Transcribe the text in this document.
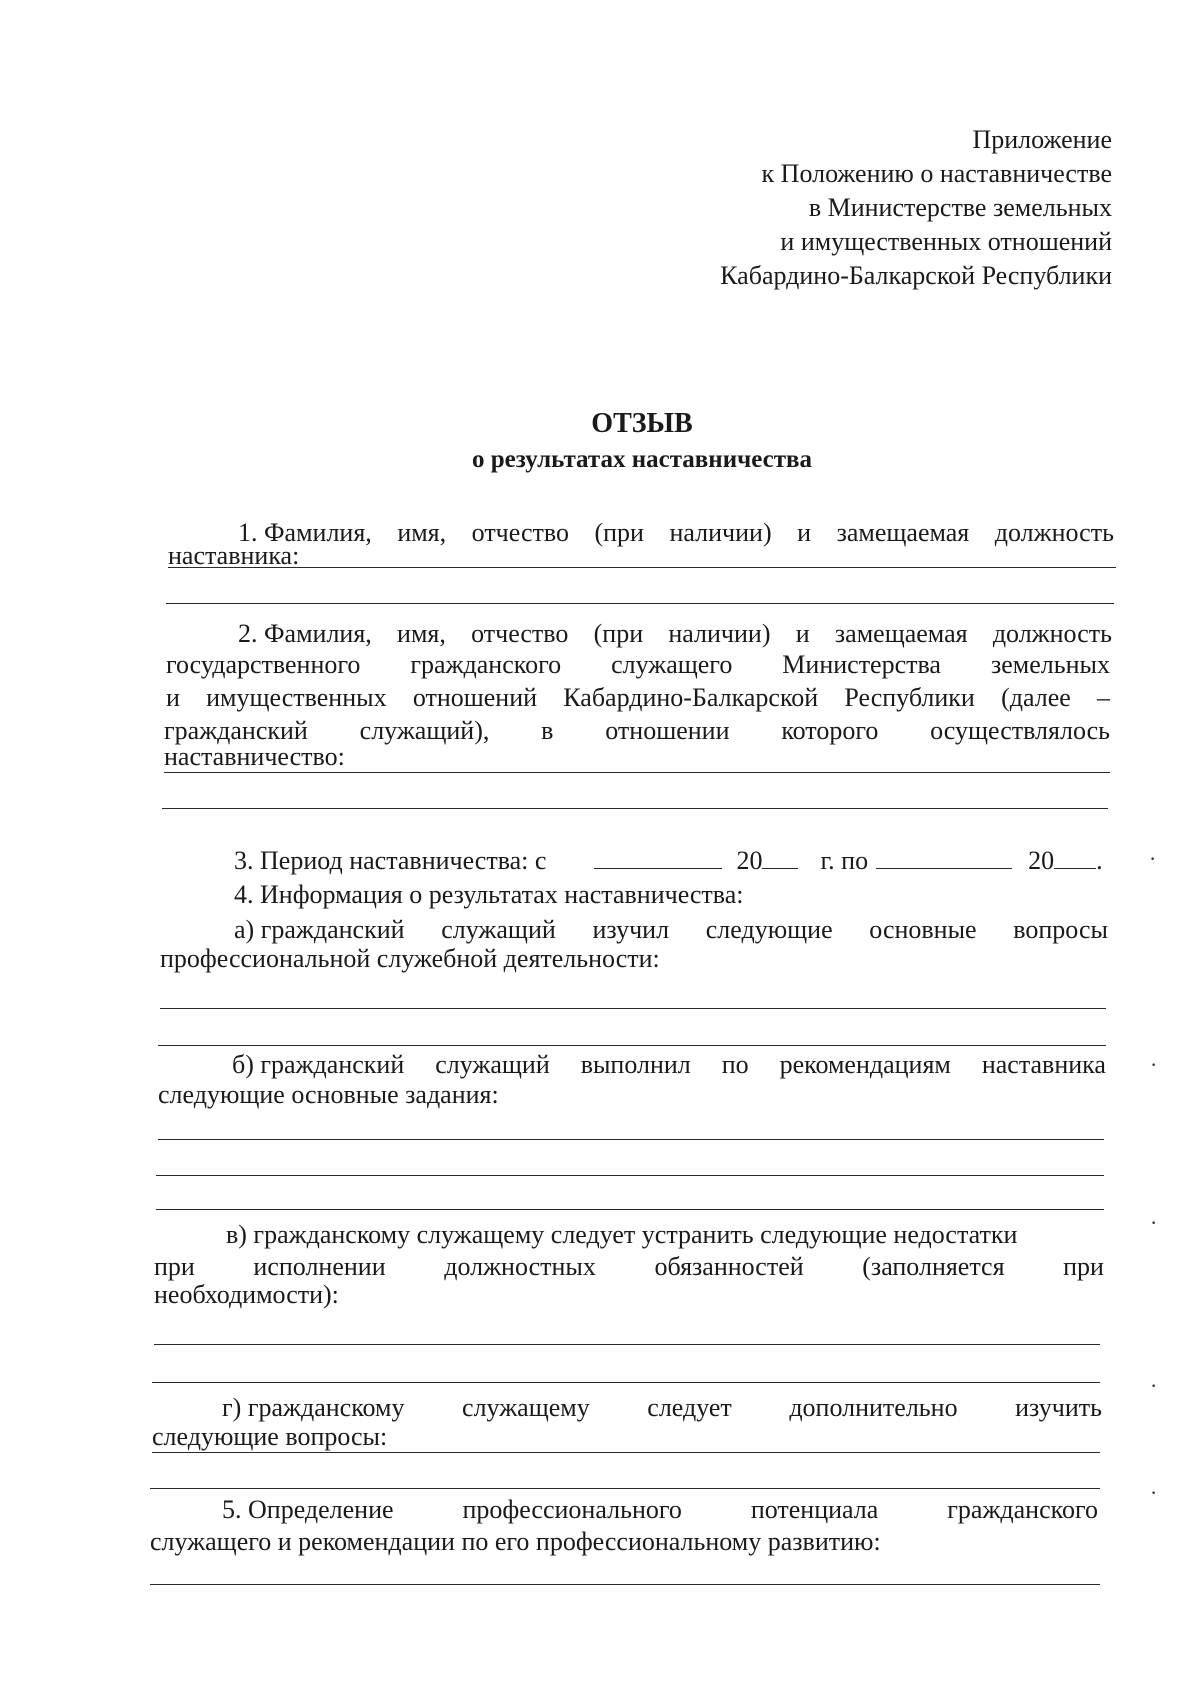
Приложение
к Положению о наставничестве
в Министерстве земельных
и имущественных отношений
Кабардино-Балкарской Республики
ОТЗЫВ
о результатах наставничества
1. Фамилия, имя, отчество (при наличии) и замещаемая должность
наставника:
2. Фамилия, имя, отчество (при наличии) и замещаемая должность
государственного гражданского служащего Министерства земельных
и имущественных отношений Кабардино-Балкарской Республики (далее –
гражданский служащий), в отношении которого осуществлялось
наставничество:
3. Период наставничества: с	20 г. по	20 .
4. Информация о результатах наставничества:
а) гражданский служащий изучил следующие основные вопросы
профессиональной служебной деятельности:
б) гражданский служащий выполнил по рекомендациям наставника
следующие основные задания:
в) гражданскому служащему следует устранить следующие недостатки
при исполнении должностных обязанностей (заполняется при
необходимости):
г) гражданскому служащему следует дополнительно изучить
следующие вопросы:
5. Определение	профессионального	потенциала	гражданского
служащего и рекомендации по его профессиональному развитию:
·
·
·
·
·
